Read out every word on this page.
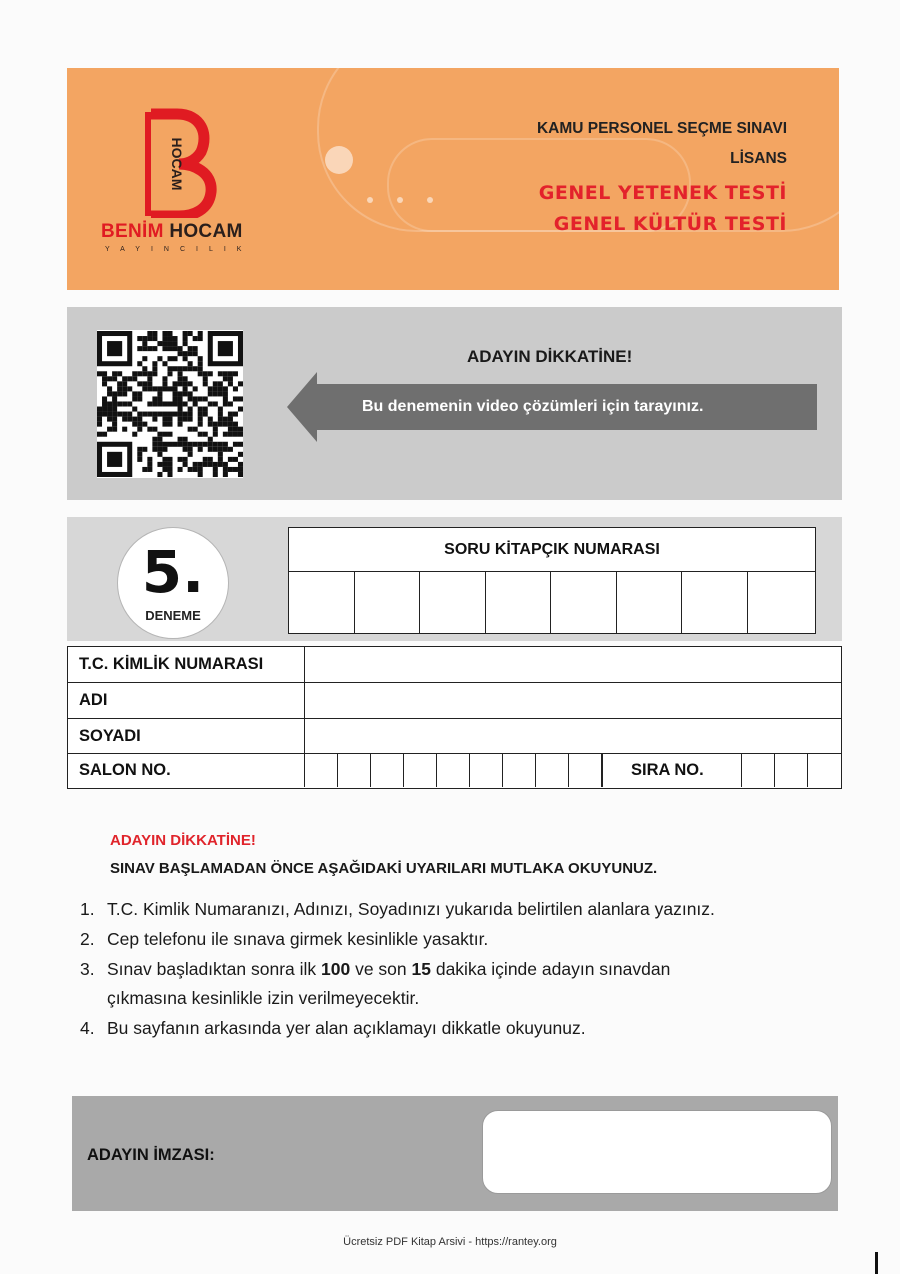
HOCAM
BENİM HOCAM
YAYINCILIK
KAMU PERSONEL SEÇME SINAVI
LİSANS
GENEL YETENEK TESTİ
GENEL KÜLTÜR TESTİ
ADAYIN DİKKATİNE!
Bu denemenin video çözümleri için tarayınız.
5.
DENEME
SORU KİTAPÇIK NUMARASI
T.C. KİMLİK NUMARASI
ADI
SOYADI
SALON NO.	SIRA NO.
ADAYIN DİKKATİNE!
SINAV BAŞLAMADAN ÖNCE AŞAĞIDAKİ UYARILARI MUTLAKA OKUYUNUZ.
1. T.C. Kimlik Numaranızı, Adınızı, Soyadınızı yukarıda belirtilen alanlara yazınız.
2. Cep telefonu ile sınava girmek kesinlikle yasaktır.
3. Sınav başladıktan sonra ilk 100 ve son 15 dakika içinde adayın sınavdan
çıkmasına kesinlikle izin verilmeyecektir.
4. Bu sayfanın arkasında yer alan açıklamayı dikkatle okuyunuz.
ADAYIN İMZASI:
Ücretsiz PDF Kitap Arsivi - https://rantey.org
